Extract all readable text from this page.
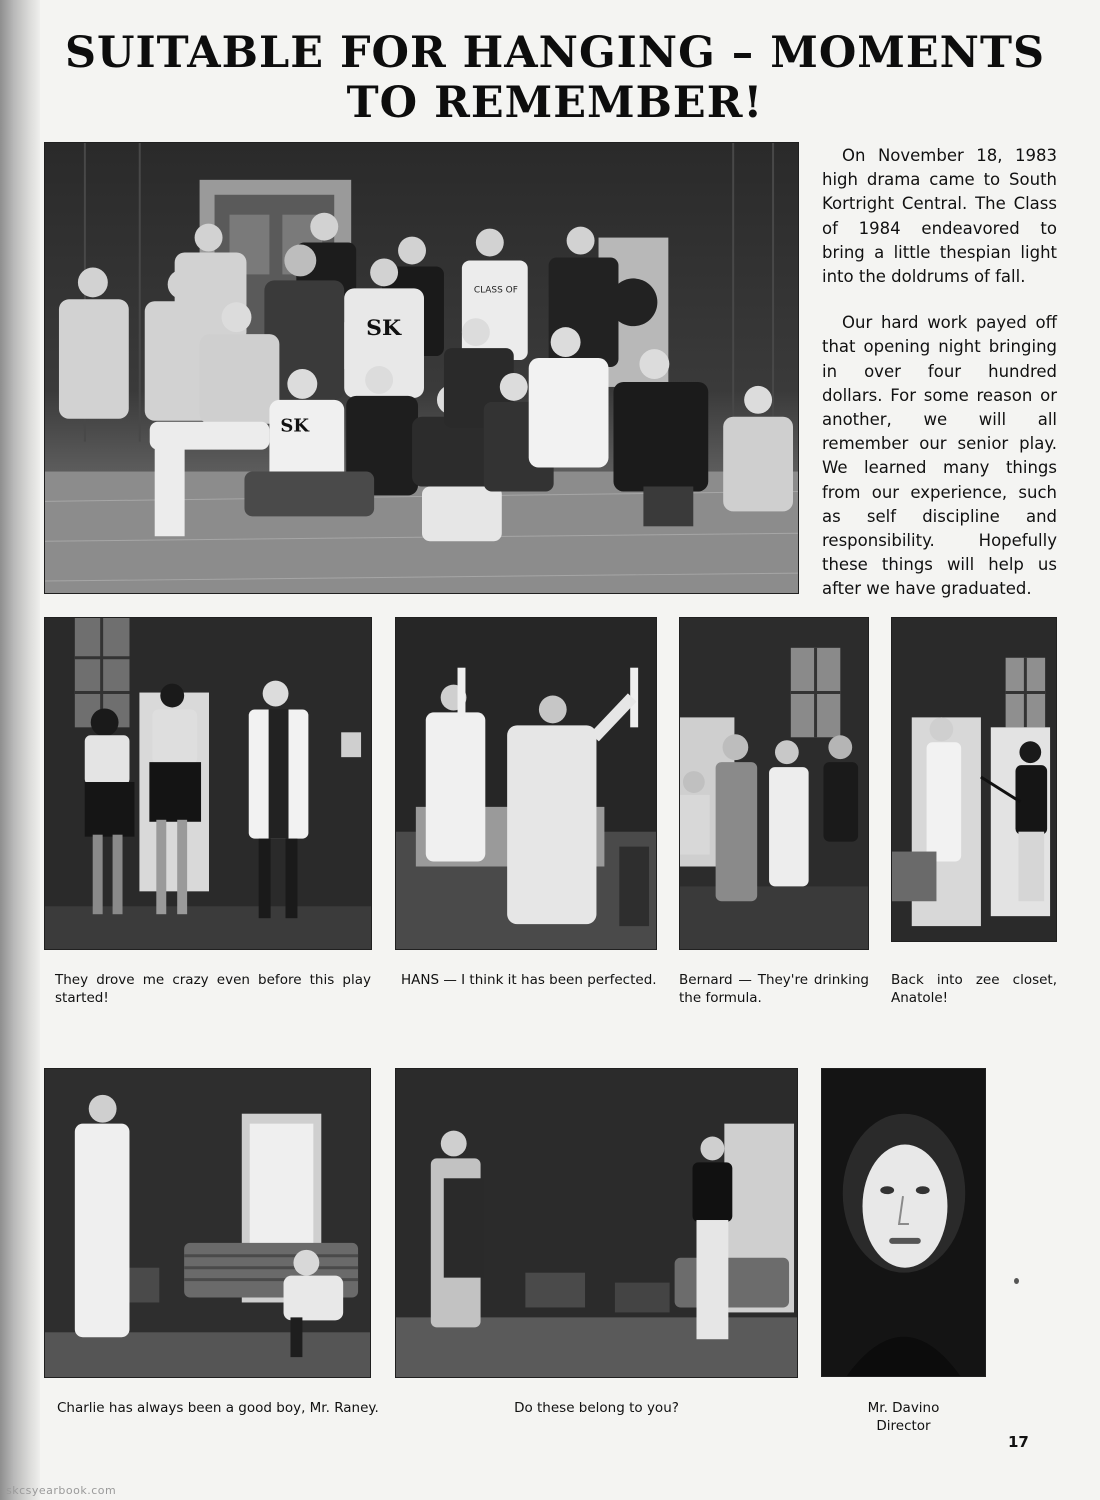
SUITABLE FOR HANGING – MOMENTS TO REMEMBER!
CLASS OF
SK
SK

On November 18, 1983 high drama came to South Kortright Central. The Class of 1984 endeavored to bring a little thespian light into the doldrums of fall.

Our hard work payed off that opening night bringing in over four hundred dollars. For some reason or another, we will all remember our senior play. We learned many things from our experience, such as self discipline and responsibility. Hopefully these things will help us after we have graduated.

They drove me crazy even before this play started!

HANS — I think it has been perfected.	Bernard — They're drinking the formula.

Back into zee closet, Anatole!

Charlie has always been a good boy, Mr. Raney.	Do these belong to you?	Mr. Davino
Director
17
skcsyearbook.com
